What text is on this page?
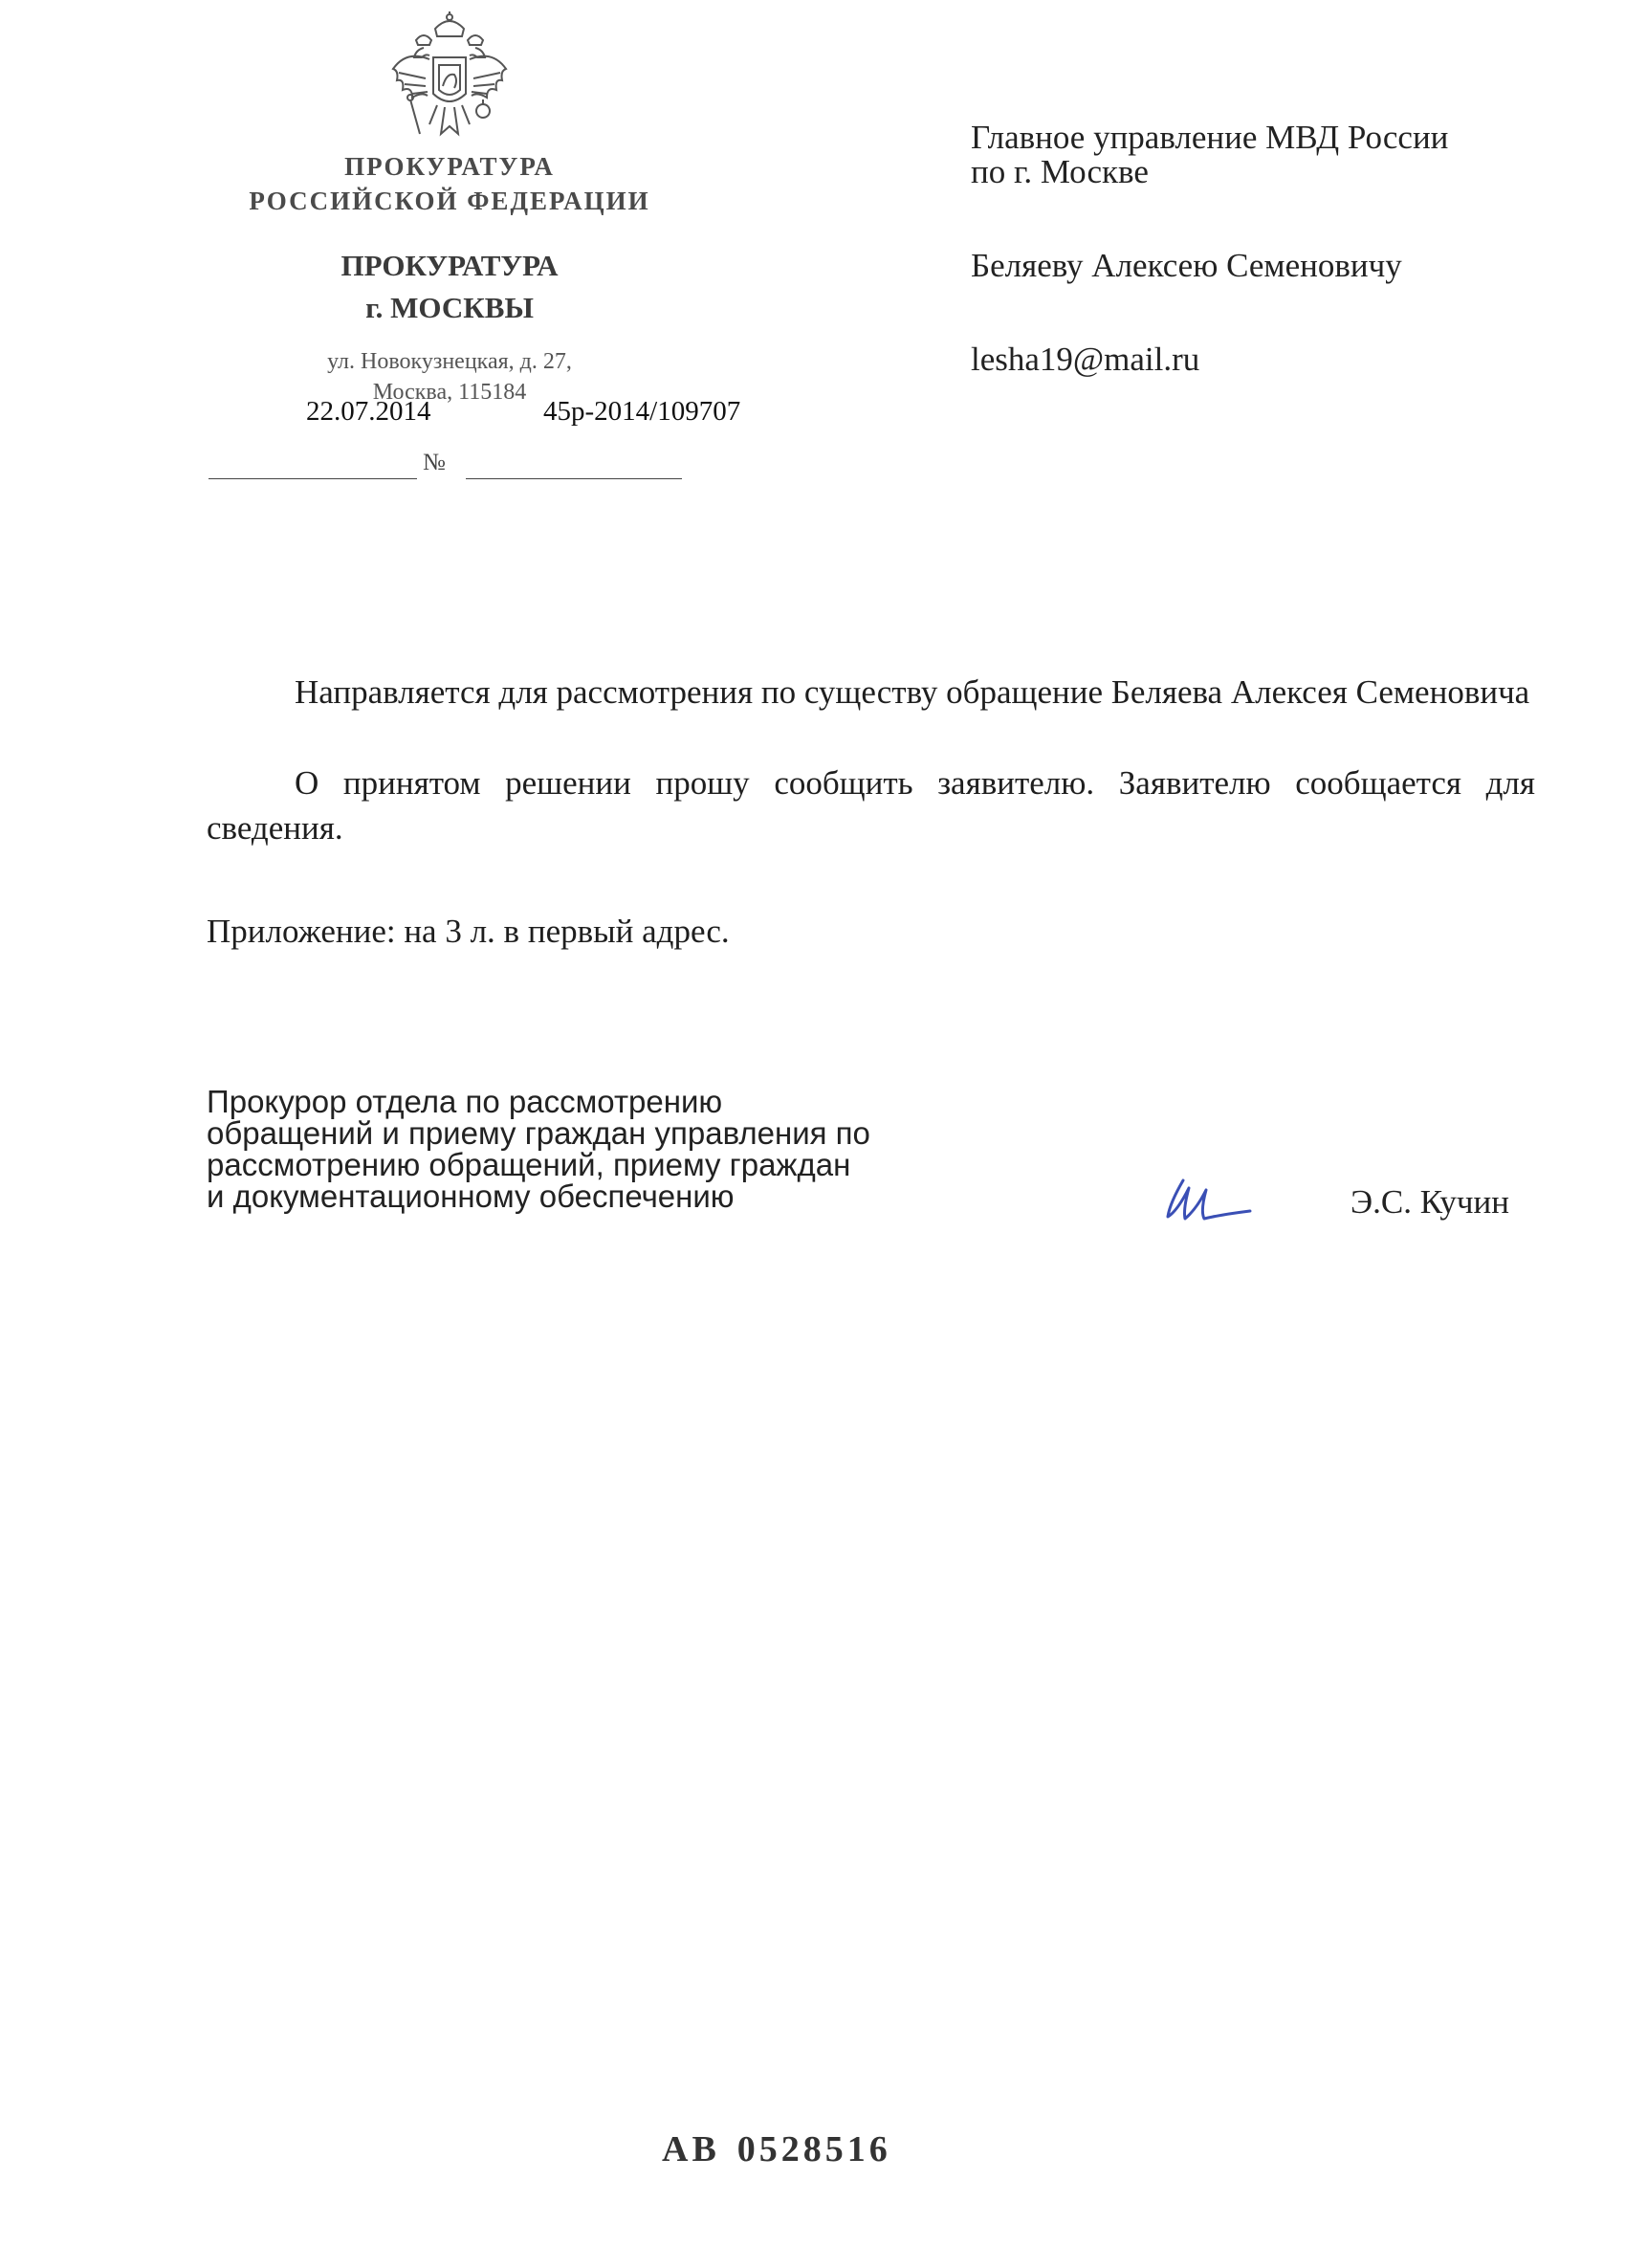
ПРОКУРАТУРА
РОССИЙСКОЙ ФЕДЕРАЦИИ
ПРОКУРАТУРА
г. МОСКВЫ
ул. Новокузнецкая, д. 27,
Москва, 115184
22.07.2014	45р-2014/109707
№
Главное управление МВД России
по г. Москве
Беляеву Алексею Семеновичу
lesha19@mail.ru
Направляется для рассмотрения по существу обращение Беляева Алексея Семеновича
О принятом решении прошу сообщить заявителю. Заявителю сообщается для сведения.
Приложение: на 3 л. в первый адрес.
Прокурор отдела по рассмотрению
обращений и приему граждан управления по
рассмотрению обращений, приему граждан
и документационному обеспечению	Э.С. Кучин
АВ 0528516
